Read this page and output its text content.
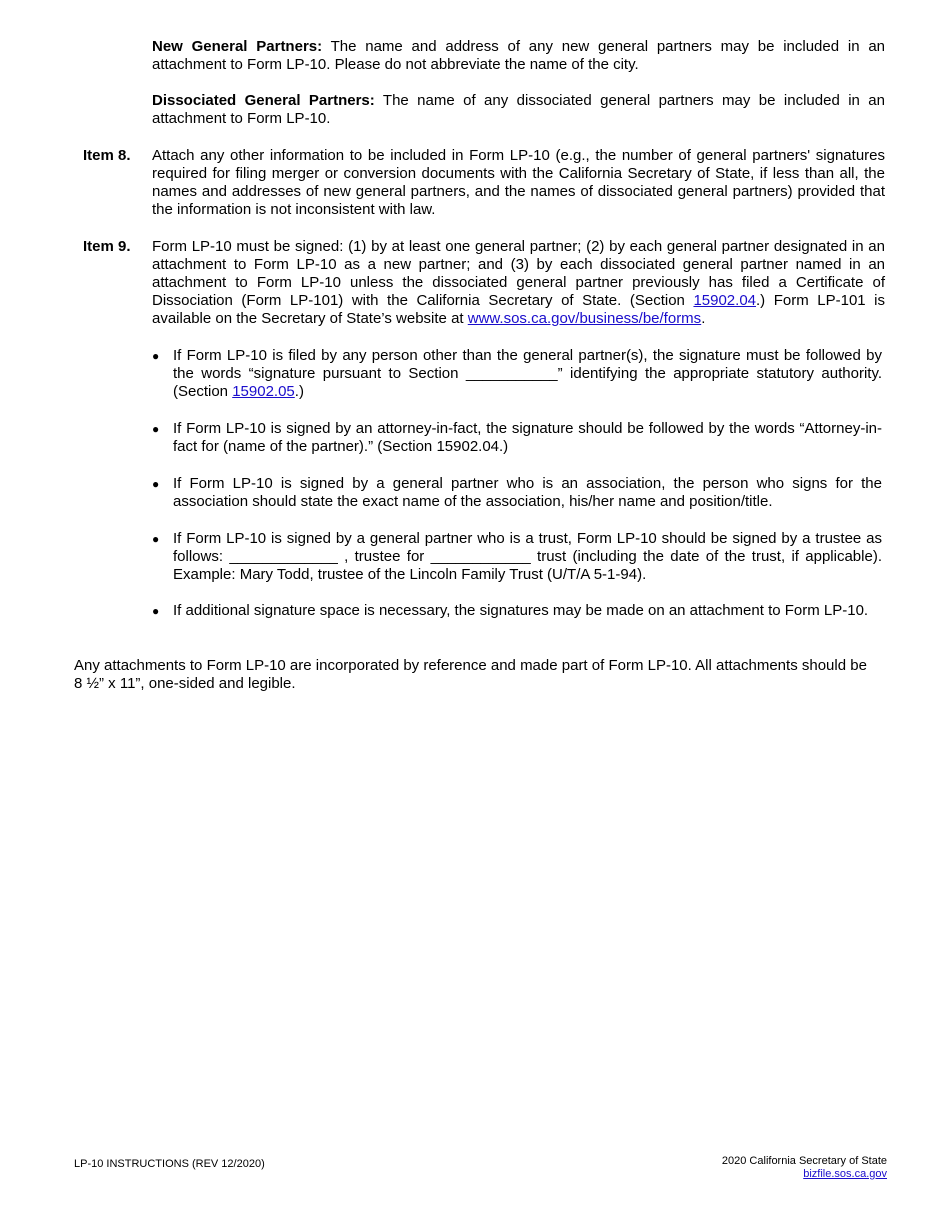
New General Partners: The name and address of any new general partners may be included in an attachment to Form LP-10. Please do not abbreviate the name of the city.
Dissociated General Partners: The name of any dissociated general partners may be included in an attachment to Form LP-10.
Item 8. Attach any other information to be included in Form LP-10 (e.g., the number of general partners' signatures required for filing merger or conversion documents with the California Secretary of State, if less than all, the names and addresses of new general partners, and the names of dissociated general partners) provided that the information is not inconsistent with law.
Item 9. Form LP-10 must be signed: (1) by at least one general partner; (2) by each general partner designated in an attachment to Form LP-10 as a new partner; and (3) by each dissociated general partner named in an attachment to Form LP-10 unless the dissociated general partner previously has filed a Certificate of Dissociation (Form LP-101) with the California Secretary of State. (Section 15902.04.) Form LP-101 is available on the Secretary of State’s website at www.sos.ca.gov/business/be/forms.
● If Form LP-10 is filed by any person other than the general partner(s), the signature must be followed by the words “signature pursuant to Section ___________” identifying the appropriate statutory authority. (Section 15902.05.)
● If Form LP-10 is signed by an attorney-in-fact, the signature should be followed by the words “Attorney-in-fact for (name of the partner).” (Section 15902.04.)
● If Form LP-10 is signed by a general partner who is an association, the person who signs for the association should state the exact name of the association, his/her name and position/title.
● If Form LP-10 is signed by a general partner who is a trust, Form LP-10 should be signed by a trustee as follows: _____________ , trustee for ____________ trust (including the date of the trust, if applicable). Example: Mary Todd, trustee of the Lincoln Family Trust (U/T/A 5-1-94).
● If additional signature space is necessary, the signatures may be made on an attachment to Form LP-10.
Any attachments to Form LP-10 are incorporated by reference and made part of Form LP-10. All attachments should be 8 ½” x 11”, one-sided and legible.
LP-10 INSTRUCTIONS (REV 12/2020)	2020 California Secretary of State
bizfile.sos.ca.gov
